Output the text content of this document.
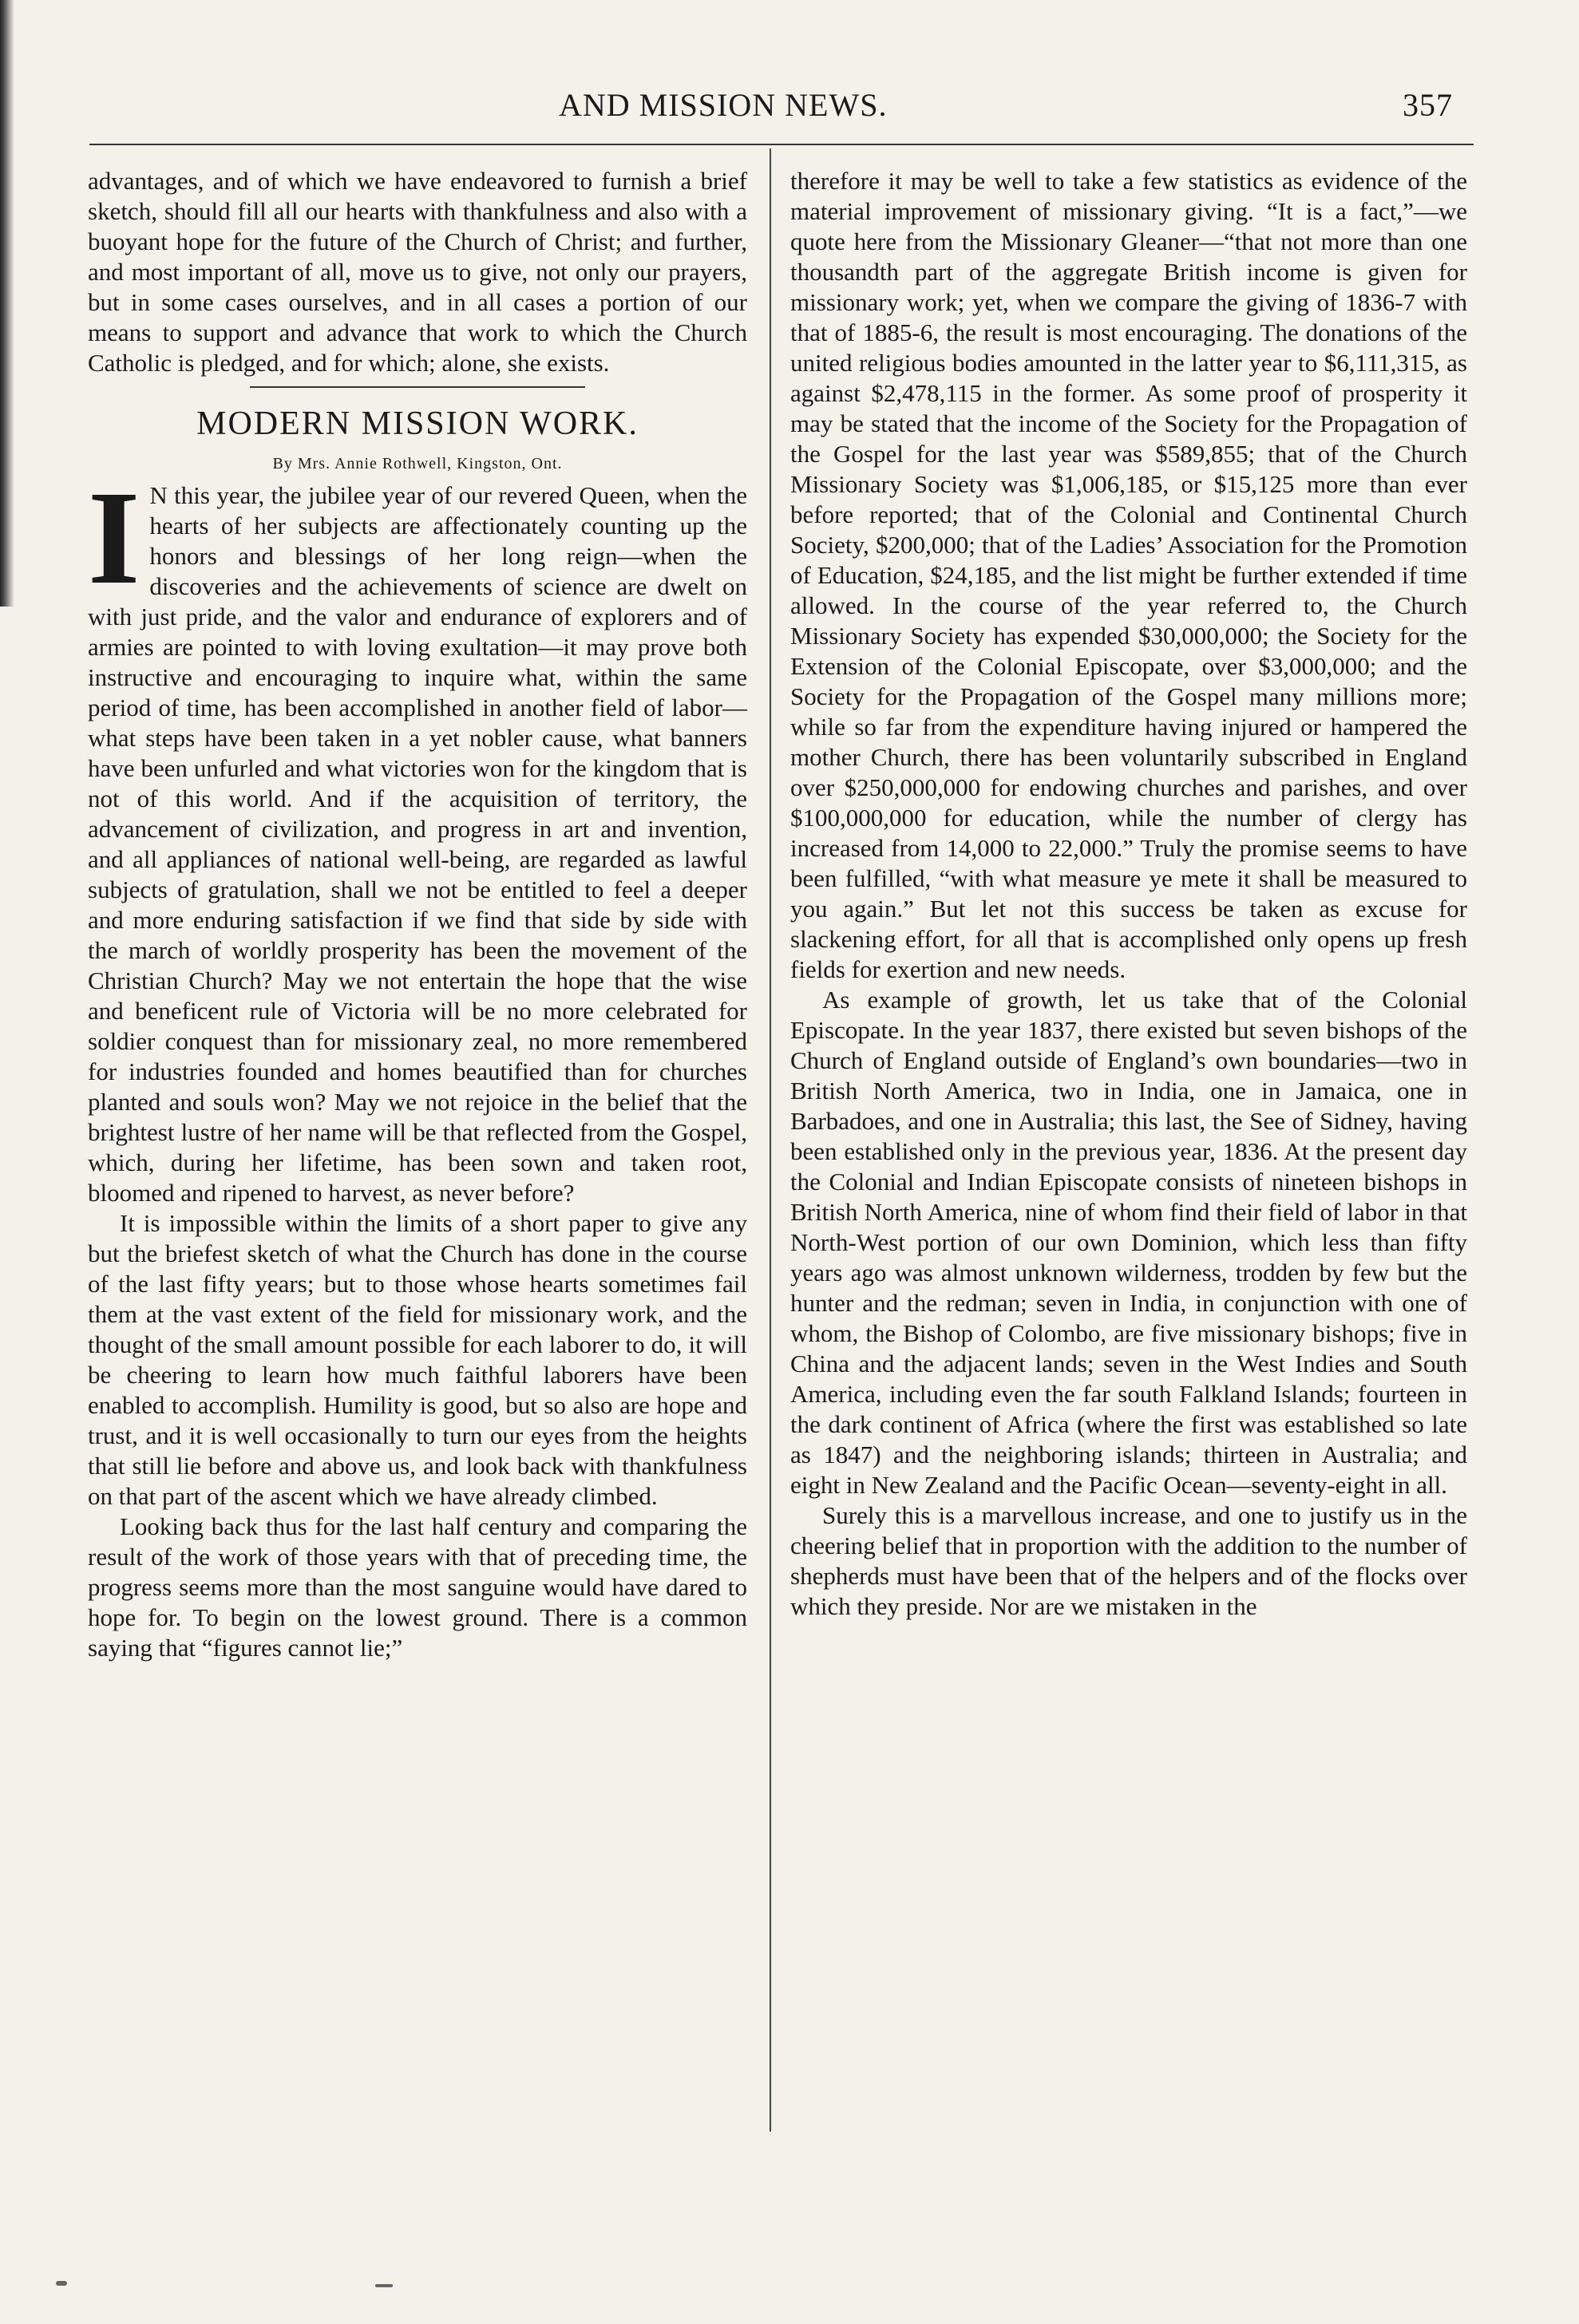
AND MISSION NEWS.	357

advantages, and of which we have endeavored to furnish a brief sketch, should fill all our hearts with thankfulness and also with a buoyant hope for the future of the Church of Christ; and further, and most important of all, move us to give, not only our prayers, but in some cases ourselves, and in all cases a portion of our means to support and advance that work to which the Church Catholic is pledged, and for which; alone, she exists.

MODERN MISSION WORK.
By Mrs. Annie Rothwell, Kingston, Ont.

I N this year, the jubilee year of our revered Queen, when the hearts of her subjects are affectionately counting up the honors and blessings of her long reign—when the discoveries and the achievements of science are dwelt on with just pride, and the valor and endurance of explorers and of armies are pointed to with loving exultation—it may prove both instructive and encouraging to inquire what, within the same period of time, has been accomplished in another field of labor—what steps have been taken in a yet nobler cause, what banners have been unfurled and what victories won for the kingdom that is not of this world. And if the acquisition of territory, the advancement of civilization, and progress in art and invention, and all appliances of national well-being, are regarded as lawful subjects of gratulation, shall we not be entitled to feel a deeper and more enduring satisfaction if we find that side by side with the march of worldly prosperity has been the movement of the Christian Church? May we not entertain the hope that the wise and beneficent rule of Victoria will be no more celebrated for soldier conquest than for missionary zeal, no more remembered for industries founded and homes beautified than for churches planted and souls won? May we not rejoice in the belief that the brightest lustre of her name will be that reflected from the Gospel, which, during her lifetime, has been sown and taken root, bloomed and ripened to harvest, as never before?

It is impossible within the limits of a short paper to give any but the briefest sketch of what the Church has done in the course of the last fifty years; but to those whose hearts sometimes fail them at the vast extent of the field for missionary work, and the thought of the small amount possible for each laborer to do, it will be cheering to learn how much faithful laborers have been enabled to accomplish. Humility is good, but so also are hope and trust, and it is well occasionally to turn our eyes from the heights that still lie before and above us, and look back with thankfulness on that part of the ascent which we have already climbed.

Looking back thus for the last half century and comparing the result of the work of those years with that of preceding time, the progress seems more than the most sanguine would have dared to hope for. To begin on the lowest ground. There is a common saying that “figures cannot lie;”

therefore it may be well to take a few statistics as evidence of the material improvement of missionary giving. “It is a fact,”—we quote here from the Missionary Gleaner—“that not more than one thousandth part of the aggregate British income is given for missionary work; yet, when we compare the giving of 1836-7 with that of 1885-6, the result is most encouraging. The donations of the united religious bodies amounted in the latter year to $6,111,315, as against $2,478,115 in the former. As some proof of prosperity it may be stated that the income of the Society for the Propagation of the Gospel for the last year was $589,855; that of the Church Missionary Society was $1,006,185, or $15,125 more than ever before reported; that of the Colonial and Continental Church Society, $200,000; that of the Ladies’ Association for the Promotion of Education, $24,185, and the list might be further extended if time allowed. In the course of the year referred to, the Church Missionary Society has expended $30,000,000; the Society for the Extension of the Colonial Episcopate, over $3,000,000; and the Society for the Propagation of the Gospel many millions more; while so far from the expenditure having injured or hampered the mother Church, there has been voluntarily subscribed in England over $250,000,000 for endowing churches and parishes, and over $100,000,000 for education, while the number of clergy has increased from 14,000 to 22,000.” Truly the promise seems to have been fulfilled, “with what measure ye mete it shall be measured to you again.” But let not this success be taken as excuse for slackening effort, for all that is accomplished only opens up fresh fields for exertion and new needs.

As example of growth, let us take that of the Colonial Episcopate. In the year 1837, there existed but seven bishops of the Church of England outside of England’s own boundaries—two in British North America, two in India, one in Jamaica, one in Barbadoes, and one in Australia; this last, the See of Sidney, having been established only in the previous year, 1836. At the present day the Colonial and Indian Episcopate consists of nineteen bishops in British North America, nine of whom find their field of labor in that North-West portion of our own Dominion, which less than fifty years ago was almost unknown wilderness, trodden by few but the hunter and the redman; seven in India, in conjunction with one of whom, the Bishop of Colombo, are five missionary bishops; five in China and the adjacent lands; seven in the West Indies and South America, including even the far south Falkland Islands; fourteen in the dark continent of Africa (where the first was established so late as 1847) and the neighboring islands; thirteen in Australia; and eight in New Zealand and the Pacific Ocean—seventy-eight in all.

Surely this is a marvellous increase, and one to justify us in the cheering belief that in proportion with the addition to the number of shepherds must have been that of the helpers and of the flocks over which they preside. Nor are we mistaken in the
